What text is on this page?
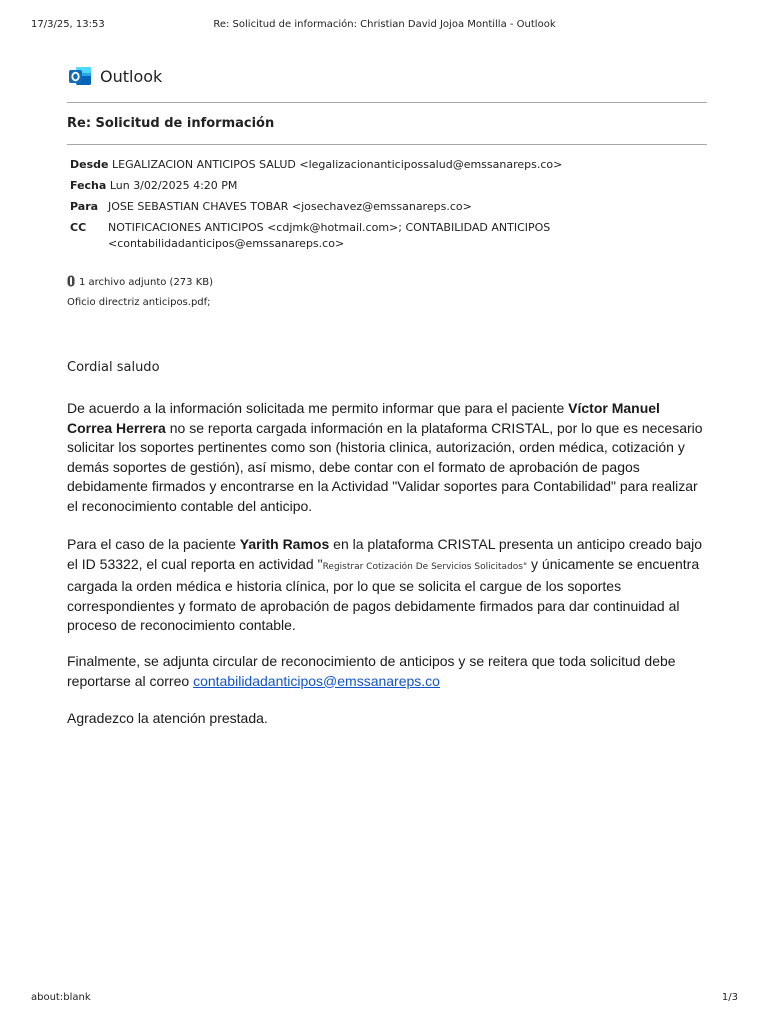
17/3/25, 13:53	Re: Solicitud de información: Christian David Jojoa Montilla - Outlook
Outlook
Re: Solicitud de información
Desde LEGALIZACION ANTICIPOS SALUD <legalizacionanticipossalud@emssanareps.co>
Fecha Lun 3/02/2025 4:20 PM
Para JOSE SEBASTIAN CHAVES TOBAR <josechavez@emssanareps.co>
CC	NOTIFICACIONES ANTICIPOS <cdjmk@hotmail.com>; CONTABILIDAD ANTICIPOS <contabilidadanticipos@emssanareps.co>
1 archivo adjunto (273 KB)
Oficio directriz anticipos.pdf;
Cordial saludo
De acuerdo a la información solicitada me permito informar que para el paciente Víctor Manuel Correa Herrera no se reporta cargada información en la plataforma CRISTAL, por lo que es necesario solicitar los soportes pertinentes como son (historia clinica, autorización, orden médica, cotización y demás soportes de gestión), así mismo, debe contar con el formato de aprobación de pagos debidamente firmados y encontrarse en la Actividad "Validar soportes para Contabilidad" para realizar el reconocimiento contable del anticipo.
Para el caso de la paciente Yarith Ramos en la plataforma CRISTAL presenta un anticipo creado bajo el ID 53322, el cual reporta en actividad "Registrar Cotización De Servicios Solicitados" y únicamente se encuentra cargada la orden médica e historia clínica, por lo que se solicita el cargue de los soportes correspondientes y formato de aprobación de pagos debidamente firmados para dar continuidad al proceso de reconocimiento contable.
Finalmente, se adjunta circular de reconocimiento de anticipos y se reitera que toda solicitud debe reportarse al correo contabilidadanticipos@emssanareps.co
Agradezco la atención prestada.
about:blank	1/3
